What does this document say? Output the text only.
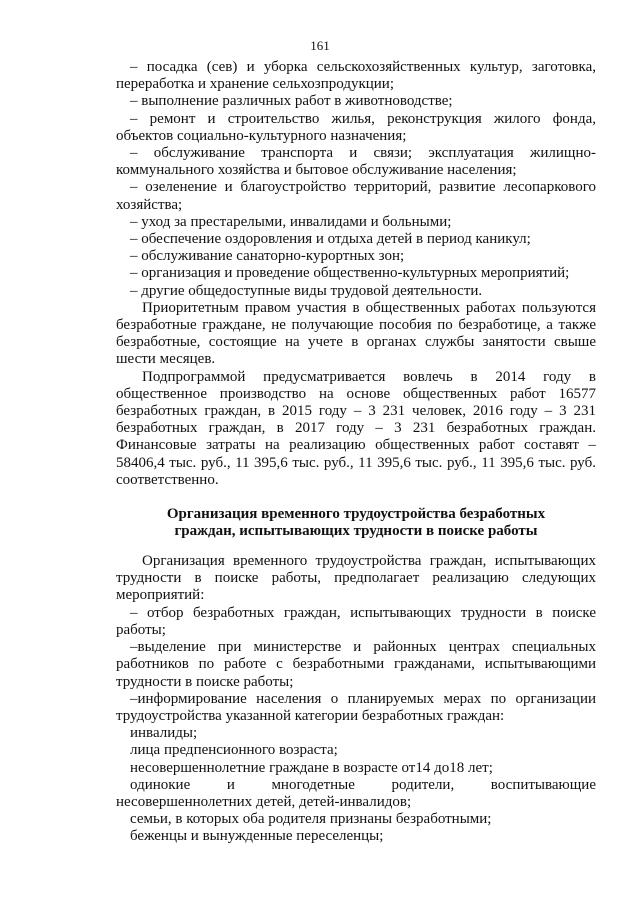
161

– посадка (сев) и уборка сельскохозяйственных культур, заготовка, переработка и хранение сельхозпродукции;

– выполнение различных работ в животноводстве;

– ремонт и строительство жилья, реконструкция жилого фонда, объектов социально-культурного назначения;

– обслуживание транспорта и связи; эксплуатация жилищно-коммунального хозяйства и бытовое обслуживание населения;

– озеленение и благоустройство территорий, развитие лесопаркового хозяйства;

– уход за престарелыми, инвалидами и больными;

– обеспечение оздоровления и отдыха детей в период каникул;

– обслуживание санаторно-курортных зон;

– организация и проведение общественно-культурных мероприятий;

– другие общедоступные виды трудовой деятельности.

Приоритетным правом участия в общественных работах пользуются безработные граждане, не получающие пособия по безработице, а также безработные, состоящие на учете в органах службы занятости свыше шести месяцев.

Подпрограммой предусматривается вовлечь в 2014 году в общественное производство на основе общественных работ 16577 безработных граждан, в 2015 году – 3 231 человек, 2016 году – 3 231 безработных граждан, в 2017 году – 3 231 безработных граждан. Финансовые затраты на реализацию общественных работ составят – 58406,4 тыс. руб., 11 395,6 тыс. руб., 11 395,6 тыс. руб., 11 395,6 тыс. руб. соответственно.

Организация временного трудоустройства безработных
граждан, испытывающих трудности в поиске работы

Организация временного трудоустройства граждан, испытывающих трудности в поиске работы, предполагает реализацию следующих мероприятий:

– отбор безработных граждан, испытывающих трудности в поиске работы;

–выделение при министерстве и районных центрах специальных работников по работе с безработными гражданами, испытывающими трудности в поиске работы;

–информирование населения о планируемых мерах по организации трудоустройства указанной категории безработных граждан:

инвалиды;

лица предпенсионного возраста;

несовершеннолетние граждане в возрасте от14 до18 лет;

одинокие и многодетные родители, воспитывающие несовершеннолетних детей, детей-инвалидов;

семьи, в которых оба родителя признаны безработными;

беженцы и вынужденные переселенцы;
